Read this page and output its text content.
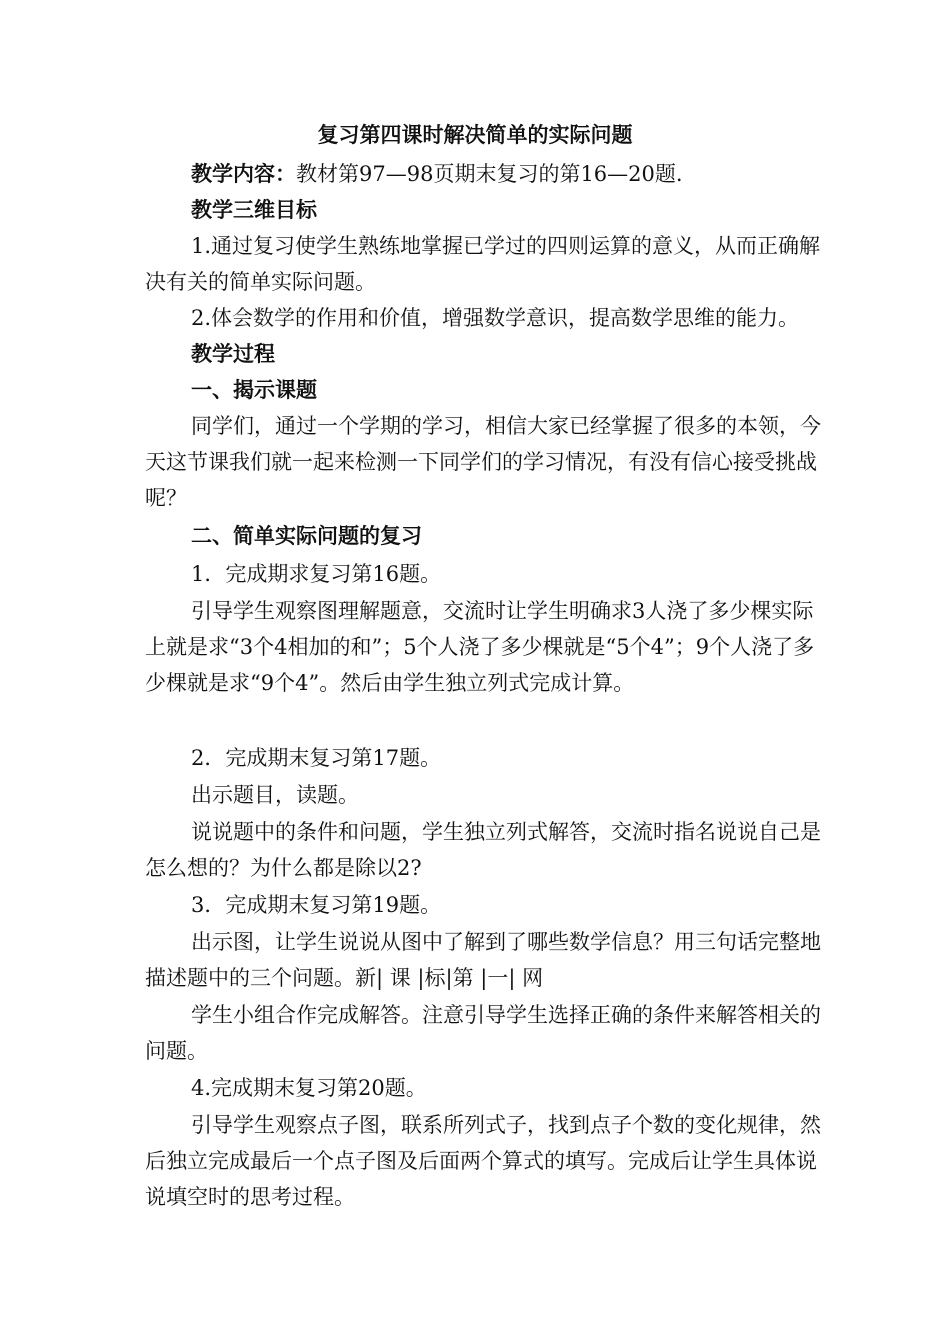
复习第四课时解决简单的实际问题

教学内容：教材第97—98页期末复习的第16—20题.

教学三维目标

1.通过复习使学生熟练地掌握已学过的四则运算的意义，从而正确解决有关的简单实际问题。

2.体会数学的作用和价值，增强数学意识，提高数学思维的能力。

教学过程
一、揭示课题

同学们，通过一个学期的学习，相信大家已经掌握了很多的本领，今天这节课我们就一起来检测一下同学们的学习情况，有没有信心接受挑战呢？

二、简单实际问题的复习

1．完成期求复习第16题。

引导学生观察图理解题意，交流时让学生明确求3人浇了多少棵实际上就是求“3个4相加的和”；5个人浇了多少棵就是“5个4”；9个人浇了多少棵就是求“9个4”。然后由学生独立列式完成计算。

2．完成期末复习第17题。

出示题目，读题。

说说题中的条件和问题，学生独立列式解答，交流时指名说说自己是怎么想的？为什么都是除以2?

3．完成期末复习第19题。

出示图，让学生说说从图中了解到了哪些数学信息？用三句话完整地描述题中的三个问题。新| 课 |标|第 |一| 网

学生小组合作完成解答。注意引导学生选择正确的条件来解答相关的问题。

4.完成期末复习第20题。

引导学生观察点子图，联系所列式子，找到点子个数的变化规律，然后独立完成最后一个点子图及后面两个算式的填写。完成后让学生具体说说填空时的思考过程。
